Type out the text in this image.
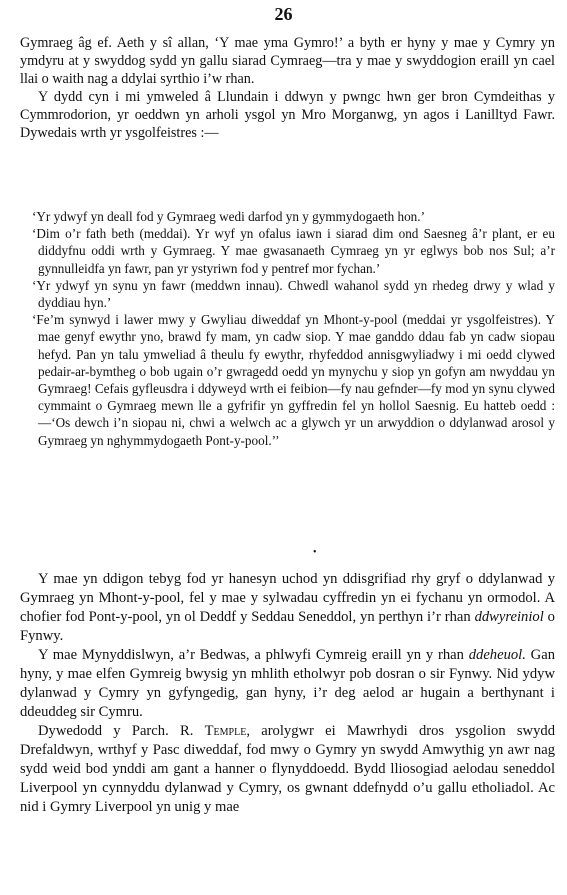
26

Gymraeg âg ef. Aeth y sî allan, ‘Y mae yma Gymro!’ a byth er hyny y mae y Cymry yn ymdyru at y swyddog sydd yn gallu siarad Cymraeg—tra y mae y swyddogion eraill yn cael llai o waith nag a ddylai syrthio i’w rhan.

Y dydd cyn i mi ymweled â Llundain i ddwyn y pwngc hwn ger bron Cymdeithas y Cymmrodorion, yr oeddwn yn arholi ysgol yn Mro Morganwg, yn agos i Lanilltyd Fawr. Dywedais wrth yr ysgolfeistres :—

‘Yr ydwyf yn deall fod y Gymraeg wedi darfod yn y gymmydogaeth hon.’

‘Dim o’r fath beth (meddai). Yr wyf yn ofalus iawn i siarad dim ond Saesneg â’r plant, er eu diddyfnu oddi wrth y Gymraeg. Y mae gwasanaeth Cymraeg yn yr eglwys bob nos Sul; a’r gynnulleidfa yn fawr, pan yr ystyriwn fod y pentref mor fychan.’

‘Yr ydwyf yn synu yn fawr (meddwn innau). Chwedl wahanol sydd yn rhedeg drwy y wlad y dyddiau hyn.’

‘Fe’m synwyd i lawer mwy y Gwyliau diweddaf yn Mhont-y-pool (meddai yr ysgolfeistres). Y mae genyf ewythr yno, brawd fy mam, yn cadw siop. Y mae ganddo ddau fab yn cadw siopau hefyd. Pan yn talu ymweliad â theulu fy ewythr, rhyfeddod annisgwyliadwy i mi oedd clywed pedair-ar-bymtheg o bob ugain o’r gwragedd oedd yn mynychu y siop yn gofyn am nwyddau yn Gymraeg! Cefais gyfleusdra i ddyweyd wrth ei feibion—fy nau gefnder—fy mod yn synu clywed cymmaint o Gymraeg mewn lle a gyfrifir yn gyffredin fel yn hollol Saesnig. Eu hatteb oedd :—‘Os dewch i’n siopau ni, chwi a welwch ac a glywch yr un arwyddion o ddylanwad arosol y Gymraeg yn nghymmydogaeth Pont-y-pool.’’

•

Y mae yn ddigon tebyg fod yr hanesyn uchod yn ddisgrifiad rhy gryf o ddylanwad y Gymraeg yn Mhont-y-pool, fel y mae y sylwadau cyffredin yn ei fychanu yn ormodol. A chofier fod Pont-y-pool, yn ol Deddf y Seddau Seneddol, yn perthyn i’r rhan ddwyreiniol o Fynwy.

Y mae Mynyddislwyn, a’r Bedwas, a phlwyfi Cymreig eraill yn y rhan ddeheuol. Gan hyny, y mae elfen Gymreig bwysig yn mhlith etholwyr pob dosran o sir Fynwy. Nid ydyw dylanwad y Cymry yn gyfyngedig, gan hyny, i’r deg aelod ar hugain a berthynant i ddeuddeg sir Cymru.

Dywedodd y Parch. R. Temple, arolygwr ei Mawrhydi dros ysgolion swydd Drefaldwyn, wrthyf y Pasc diweddaf, fod mwy o Gymry yn swydd Amwythig yn awr nag sydd weid bod ynddi am gant a hanner o flynyddoedd. Bydd lliosogiad aelodau seneddol Liverpool yn cynnyddu dylanwad y Cymry, os gwnant ddefnydd o’u gallu etholiadol. Ac nid i Gymry Liverpool yn unig y mae
